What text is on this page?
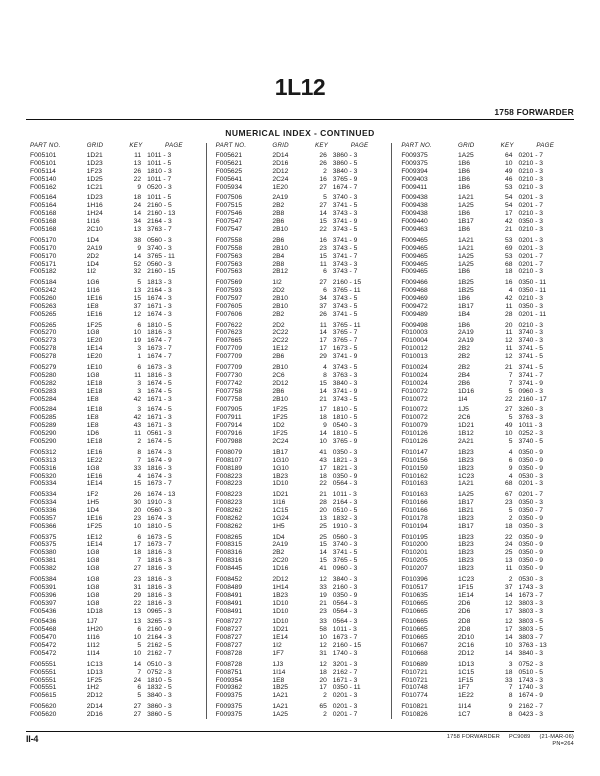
1L12
1758 FORWARDER
NUMERICAL INDEX - CONTINUED
PART NO.	GRID	KEY	PAGE
F005101	1D21	11	1011 - 3
F005101	1D23	13	1011 - 5
F005114	1F23	26	1810 - 3
F005140	1D25	22	1011 - 7
F005162	1C21	9	0520 - 3
F005164	1D23	18	1011 - 5
F005164	1H16	24	2160 - 5
F005168	1H24	14	2160 - 13
F005168	1I16	34	2164 - 3
F005168	2C10	13	3763 - 7
F005170	1D4	38	0560 - 3
F005170	2A19	9	3740 - 3
F005170	2D2	14	3765 - 11
F005171	1D4	52	0560 - 3
F005182	1I2	32	2160 - 15
F005184	1G6	5	1813 - 3
F005242	1I16	13	2164 - 3
F005260	1E16	15	1674 - 3
F005263	1E8	37	1671 - 3
F005265	1E16	12	1674 - 3
F005265	1F25	6	1810 - 5
F005270	1G8	10	1816 - 3
F005273	1E20	19	1674 - 7
F005278	1E14	3	1673 - 7
F005278	1E20	1	1674 - 7
F005279	1E10	6	1673 - 3
F005280	1G8	11	1816 - 3
F005282	1E18	3	1674 - 5
F005283	1E18	3	1674 - 5
F005284	1E8	42	1671 - 3
F005284	1E18	3	1674 - 5
F005285	1E8	42	1671 - 3
F005289	1E8	43	1671 - 3
F005290	1D6	11	0561 - 3
F005290	1E18	2	1674 - 5
F005312	1E16	8	1674 - 3
F005313	1E22	7	1674 - 9
F005316	1G8	33	1816 - 3
F005320	1E16	4	1674 - 3
F005334	1E14	15	1673 - 7
F005334	1F2	26	1674 - 13
F005334	1H5	30	1910 - 3
F005336	1D4	20	0560 - 3
F005357	1E16	23	1674 - 3
F005366	1F25	10	1810 - 5
F005375	1E12	6	1673 - 5
F005375	1E14	17	1673 - 7
F005380	1G8	18	1816 - 3
F005381	1G8	7	1816 - 3
F005382	1G8	27	1816 - 3
F005384	1G8	23	1816 - 3
F005391	1G8	31	1816 - 3
F005396	1G8	29	1816 - 3
F005397	1G8	22	1816 - 3
F005436	1D18	13	0965 - 3
F005436	1J7	13	3265 - 3
F005468	1H20	6	2160 - 9
F005470	1I16	10	2164 - 3
F005472	1I12	5	2162 - 5
F005472	1I14	10	2162 - 7
F005551	1C13	14	0510 - 3
F005551	1D13	7	0752 - 3
F005551	1F25	24	1810 - 5
F005551	1H2	6	1832 - 5
F005615	2D12	5	3840 - 3
F005620	2D14	27	3860 - 3
F005620	2D16	27	3860 - 5
PART NO.	GRID	KEY	PAGE
F005621	2D14	26	3860 - 3
F005621	2D16	26	3860 - 5
F005625	2D12	2	3840 - 3
F005641	2C24	16	3765 - 9
F005934	1E20	27	1674 - 7
F007506	2A19	5	3740 - 3
F007515	2B2	27	3741 - 5
F007546	2B8	14	3743 - 3
F007547	2B6	15	3741 - 9
F007547	2B10	22	3743 - 5
F007558	2B6	16	3741 - 9
F007558	2B10	23	3743 - 5
F007563	2B4	15	3741 - 7
F007563	2B8	11	3743 - 3
F007563	2B12	6	3743 - 7
F007569	1I2	27	2160 - 15
F007593	2D2	6	3765 - 11
F007597	2B10	34	3743 - 5
F007605	2B10	37	3743 - 5
F007606	2B2	26	3741 - 5
F007622	2D2	11	3765 - 11
F007623	2C22	14	3765 - 7
F007665	2C22	17	3765 - 7
F007709	1E12	17	1673 - 5
F007709	2B6	29	3741 - 9
F007709	2B10	4	3743 - 5
F007730	2C6	8	3763 - 3
F007742	2D12	15	3840 - 3
F007758	2B6	14	3741 - 9
F007758	2B10	21	3743 - 5
F007905	1F25	17	1810 - 5
F007911	1F25	18	1810 - 5
F007914	1D2	9	0540 - 3
F007916	1F25	14	1810 - 5
F007988	2C24	10	3765 - 9
F008079	1B17	41	0350 - 3
F008107	1G10	43	1821 - 3
F008189	1G10	17	1821 - 3
F008223	1B23	18	0350 - 9
F008223	1D10	22	0564 - 3
F008223	1D21	21	1011 - 3
F008223	1I16	28	2164 - 3
F008262	1C15	20	0510 - 5
F008262	1G24	13	1832 - 3
F008262	1H5	25	1910 - 3
F008265	1D4	25	0560 - 3
F008315	2A19	15	3740 - 3
F008316	2B2	14	3741 - 5
F008316	2C20	15	3765 - 5
F008445	1D16	41	0960 - 3
F008452	2D12	12	3840 - 3
F008489	1H14	33	2160 - 3
F008491	1B23	19	0350 - 9
F008491	1D10	21	0564 - 3
F008491	1D10	23	0564 - 3
F008727	1D10	33	0564 - 3
F008727	1D21	58	1011 - 3
F008727	1E14	10	1673 - 7
F008727	1I2	12	2160 - 15
F008728	1F7	31	1740 - 3
F008728	1J3	12	3201 - 3
F008751	1I14	18	2162 - 7
F009354	1E8	20	1671 - 3
F009362	1B25	17	0350 - 11
F009375	1A21	2	0201 - 3
F009375	1A21	65	0201 - 3
F009375	1A25	2	0201 - 7
PART NO.	GRID	KEY	PAGE
F009375	1A25	64	0201 - 7
F009375	1B6	10	0210 - 3
F009394	1B6	49	0210 - 3
F009403	1B6	46	0210 - 3
F009411	1B6	53	0210 - 3
F009438	1A21	54	0201 - 3
F009438	1A25	54	0201 - 7
F009438	1B6	17	0210 - 3
F009440	1B17	42	0350 - 3
F009463	1B6	21	0210 - 3
F009465	1A21	53	0201 - 3
F009465	1A21	69	0201 - 3
F009465	1A25	53	0201 - 7
F009465	1A25	68	0201 - 7
F009465	1B6	18	0210 - 3
F009466	1B25	16	0350 - 11
F009468	1B25	4	0350 - 11
F009469	1B6	42	0210 - 3
F009472	1B17	11	0350 - 3
F009489	1B4	28	0201 - 11
F009498	1B6	20	0210 - 3
F010003	2A19	11	3740 - 3
F010004	2A19	12	3740 - 3
F010012	2B2	11	3741 - 5
F010013	2B2	12	3741 - 5
F010024	2B2	21	3741 - 5
F010024	2B4	7	3741 - 7
F010024	2B6	7	3741 - 9
F010072	1D16	5	0960 - 3
F010072	1I4	22	2160 - 17
F010072	1J5	27	3260 - 3
F010072	2C6	5	3763 - 3
F010079	1D21	49	1011 - 3
F010126	1B12	10	0252 - 3
F010126	2A21	5	3740 - 5
F010147	1B23	4	0350 - 9
F010156	1B23	6	0350 - 9
F010159	1B23	9	0350 - 9
F010162	1C23	4	0530 - 3
F010163	1A21	68	0201 - 3
F010163	1A25	67	0201 - 7
F010166	1B17	23	0350 - 3
F010166	1B21	5	0350 - 7
F010178	1B23	2	0350 - 9
F010194	1B17	18	0350 - 3
F010195	1B23	22	0350 - 9
F010200	1B23	24	0350 - 9
F010201	1B23	25	0350 - 9
F010205	1B23	13	0350 - 9
F010207	1B23	11	0350 - 9
F010396	1C23	2	0530 - 3
F010517	1F15	37	1743 - 3
F010635	1E14	14	1673 - 7
F010665	2D6	12	3803 - 3
F010665	2D6	17	3803 - 3
F010665	2D8	12	3803 - 5
F010665	2D8	17	3803 - 5
F010665	2D10	14	3803 - 7
F010667	2C16	10	3763 - 13
F010668	2D12	14	3840 - 3
F010689	1D13	3	0752 - 3
F010721	1C15	18	0510 - 5
F010721	1F15	33	1743 - 3
F010748	1F7	7	1740 - 3
F010774	1E22	8	1674 - 9
F010821	1I14	9	2162 - 7
F010826	1C7	8	0423 - 3
II-4	1758 FORWARDER PC9089 (21-MAR-06)
PN=264
